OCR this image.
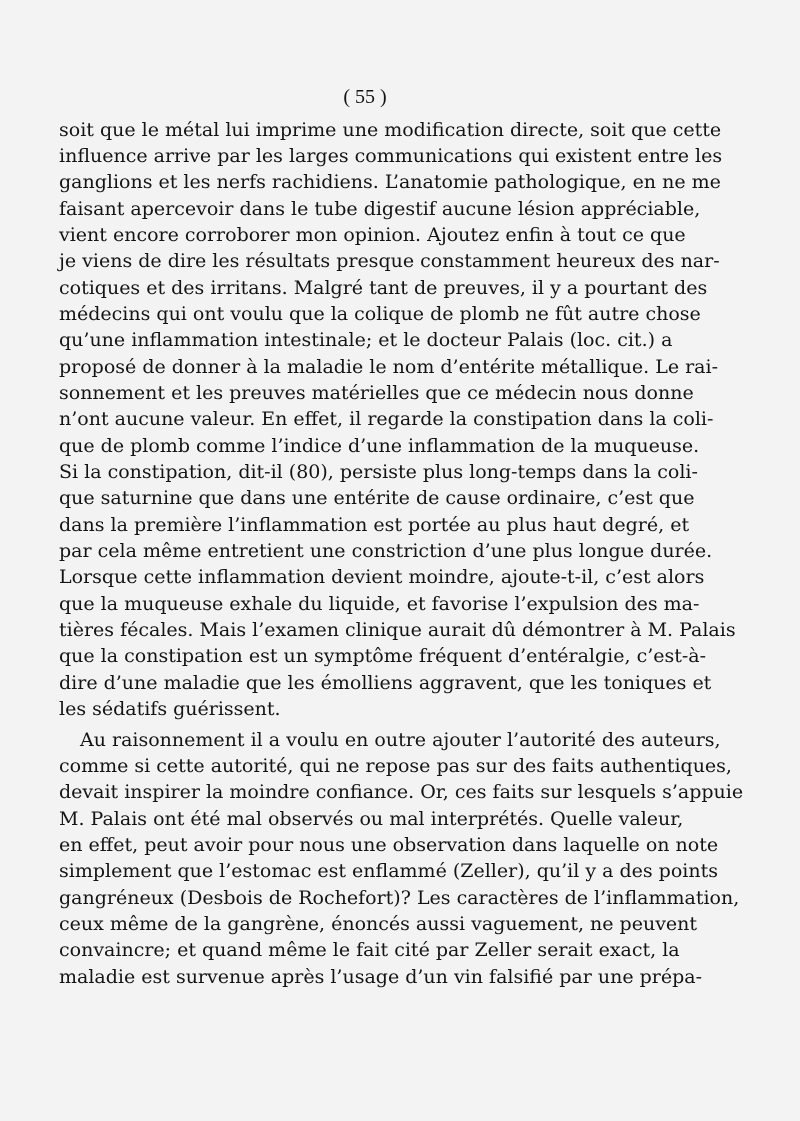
( 55 )
soit que le métal lui imprime une modification directe, soit que cette
influence arrive par les larges communications qui existent entre les
ganglions et les nerfs rachidiens. L’anatomie pathologique, en ne me
faisant apercevoir dans le tube digestif aucune lésion appréciable,
vient encore corroborer mon opinion. Ajoutez enfin à tout ce que
je viens de dire les résultats presque constamment heureux des nar-
cotiques et des irritans. Malgré tant de preuves, il y a pourtant des
médecins qui ont voulu que la colique de plomb ne fût autre chose
qu’une inflammation intestinale; et le docteur Palais (loc. cit.) a
proposé de donner à la maladie le nom d’entérite métallique. Le rai-
sonnement et les preuves matérielles que ce médecin nous donne
n’ont aucune valeur. En effet, il regarde la constipation dans la coli-
que de plomb comme l’indice d’une inflammation de la muqueuse.
Si la constipation, dit-il (80), persiste plus long-temps dans la coli-
que saturnine que dans une entérite de cause ordinaire, c’est que
dans la première l’inflammation est portée au plus haut degré, et
par cela même entretient une constriction d’une plus longue durée.
Lorsque cette inflammation devient moindre, ajoute-t-il, c’est alors
que la muqueuse exhale du liquide, et favorise l’expulsion des ma-
tières fécales. Mais l’examen clinique aurait dû démontrer à M. Palais
que la constipation est un symptôme fréquent d’entéralgie, c’est-à-
dire d’une maladie que les émolliens aggravent, que les toniques et
les sédatifs guérissent.
Au raisonnement il a voulu en outre ajouter l’autorité des auteurs,
comme si cette autorité, qui ne repose pas sur des faits authentiques,
devait inspirer la moindre confiance. Or, ces faits sur lesquels s’appuie
M. Palais ont été mal observés ou mal interprétés. Quelle valeur,
en effet, peut avoir pour nous une observation dans laquelle on note
simplement que l’estomac est enflammé (Zeller), qu’il y a des points
gangréneux (Desbois de Rochefort)? Les caractères de l’inflammation,
ceux même de la gangrène, énoncés aussi vaguement, ne peuvent
convaincre; et quand même le fait cité par Zeller serait exact, la
maladie est survenue après l’usage d’un vin falsifié par une prépa-
